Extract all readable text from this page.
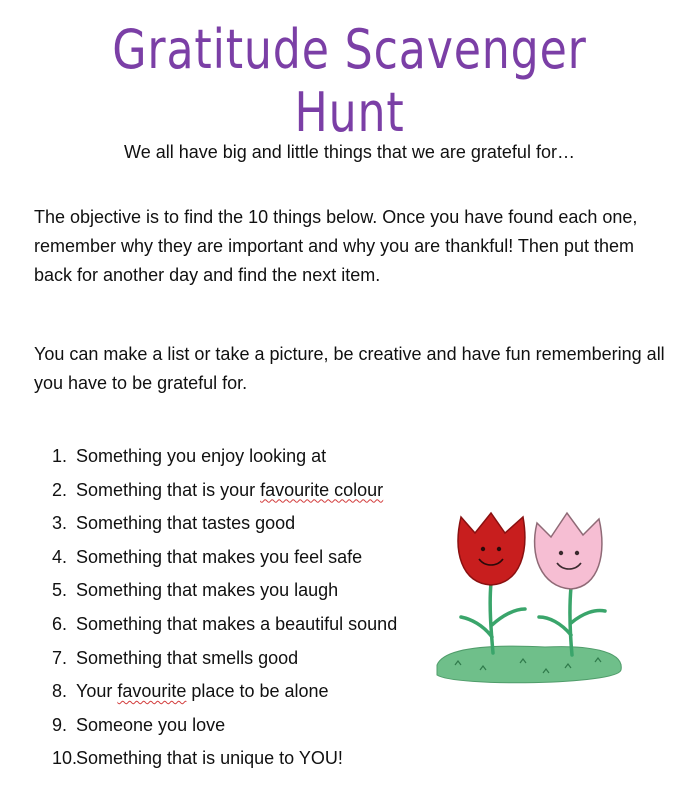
Gratitude Scavenger Hunt
We all have big and little things that we are grateful for…

The objective is to find the 10 things below. Once you have found each one, remember why they are important and why you are thankful! Then put them back for another day and find the next item.

You can make a list or take a picture, be creative and have fun remembering all you have to be grateful for.

1. Something you enjoy looking at
2. Something that is your favourite colour
3. Something that tastes good
4. Something that makes you feel safe
5. Something that makes you laugh
6. Something that makes a beautiful sound
7. Something that smells good
8. Your favourite place to be alone
9. Someone you love
10.Something that is unique to YOU!
